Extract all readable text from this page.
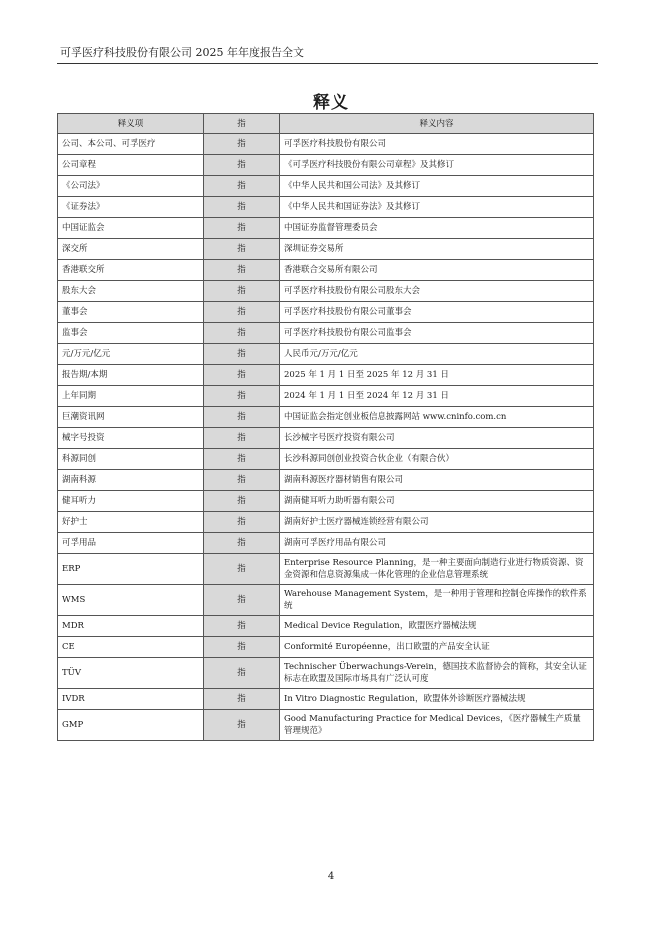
可孚医疗科技股份有限公司 2025 年年度报告全文
释义
释义项	指	释义内容
公司、本公司、可孚医疗	指	可孚医疗科技股份有限公司
公司章程	指	《可孚医疗科技股份有限公司章程》及其修订
《公司法》	指	《中华人民共和国公司法》及其修订
《证券法》	指	《中华人民共和国证券法》及其修订
中国证监会	指	中国证券监督管理委员会
深交所	指	深圳证券交易所
香港联交所	指	香港联合交易所有限公司
股东大会	指	可孚医疗科技股份有限公司股东大会
董事会	指	可孚医疗科技股份有限公司董事会
监事会	指	可孚医疗科技股份有限公司监事会
元/万元/亿元	指	人民币元/万元/亿元
报告期/本期	指	2025 年 1 月 1 日至 2025 年 12 月 31 日
上年同期	指	2024 年 1 月 1 日至 2024 年 12 月 31 日
巨潮资讯网	指	中国证监会指定创业板信息披露网站 www.cninfo.com.cn
械字号投资	指	长沙械字号医疗投资有限公司
科源同创	指	长沙科源同创创业投资合伙企业（有限合伙）
湖南科源	指	湖南科源医疗器材销售有限公司
健耳听力	指	湖南健耳听力助听器有限公司
好护士	指	湖南好护士医疗器械连锁经营有限公司
可孚用品	指	湖南可孚医疗用品有限公司
ERP	指	Enterprise Resource Planning，是一种主要面向制造行业进行物质资源、资金资源和信息资源集成一体化管理的企业信息管理系统
WMS	指	Warehouse Management System，是一种用于管理和控制仓库操作的软件系统
MDR	指	Medical Device Regulation，欧盟医疗器械法规
CE	指	Conformité Européenne，出口欧盟的产品安全认证
TÜV	指	Technischer Überwachungs-Verein，德国技术监督协会的简称，其安全认证标志在欧盟及国际市场具有广泛认可度
IVDR	指	In Vitro Diagnostic Regulation，欧盟体外诊断医疗器械法规
GMP	指	Good Manufacturing Practice for Medical Devices，《医疗器械生产质量管理规范》
4
